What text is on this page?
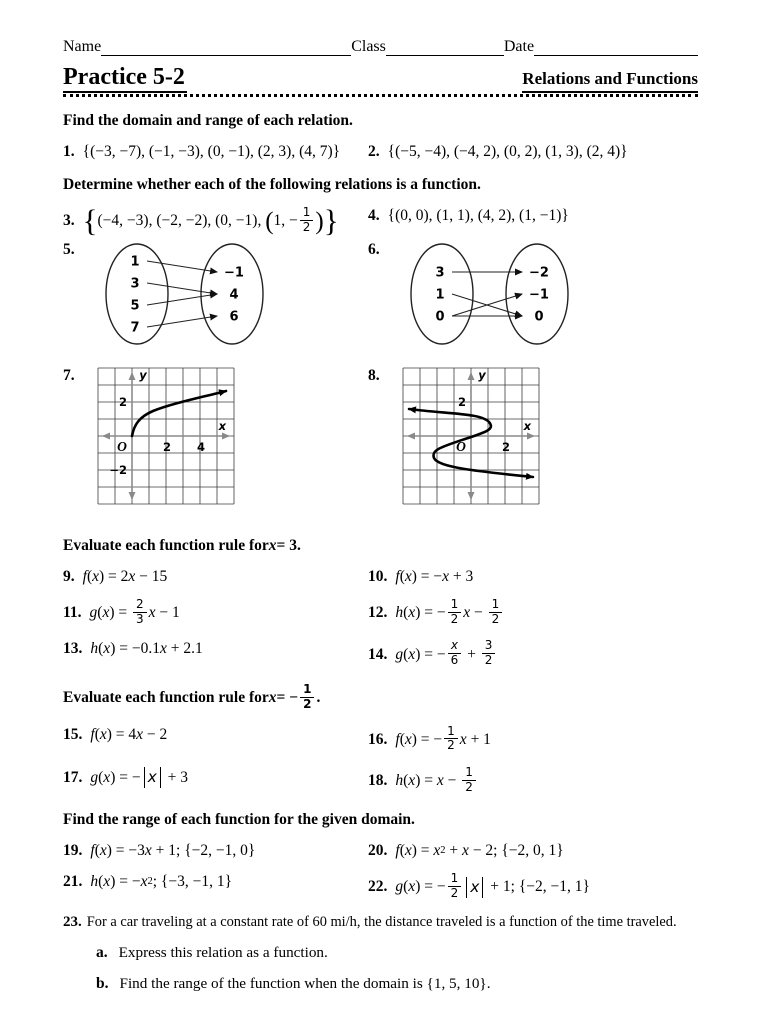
Name	Class	Date
Practice 5-2	Relations and Functions
Find the domain and range of each relation.
1. {(−3, −7), (−1, −3), (0, −1), (2, 3), (4, 7)} 2. {(−5, −4), (−4, 2), (0, 2), (1, 3), (2, 4)}
Determine whether each of the following relations is a function.
3. { (−4, −3), (−2, −2), (0, −1), ( 1, − $\frac{1}{2}$ ) } 4. {(0, 0), (1, 1), (4, 2), (1, −1)}
5.
1
3
5
7
−1
4
6
6.
3
1
0
−2
−1
0
7.	y
x
O	2 4
2
−2
8.	y
x
O	2
2
Evaluate each function rule for x = 3.
9. f ( x ) = 2 x − 15	10. f ( x ) = − x + 3
11. g ( x ) = $\frac{2}{3}$ x − 1	12. h ( x ) = − $\frac{1}{2}$ $x - \frac{1}{2}$
13. h ( x ) = −0.1 x + 2.1	14. g ( x ) = − $\frac{x}{6} + \frac{3}{2}$
Evaluate each function rule for x = − $\frac{1}{2}$ .
15. f ( x ) = 4 x − 2	16. f ( x ) = − $\frac{1}{2}$ x + 1
17. g ( x ) = − x + 3	18. h ( x ) = $x - \frac{1}{2}$
Find the range of each function for the given domain.
19. f ( x ) = −3 x + 1; {−2, −1, 0}	20. f ( x ) = x 2 + x − 2; {−2, 0, 1}
21. h ( x ) = − x 2 ; {−3, −1, 1}	22. g ( x ) = − $\frac{1}{2}$ x + 1; {−2, −1, 1}
23. For a car traveling at a constant rate of 60 mi/h, the distance traveled is a function of the time traveled.
a. Express this relation as a function.
b. Find the range of the function when the domain is {1, 5, 10}.
